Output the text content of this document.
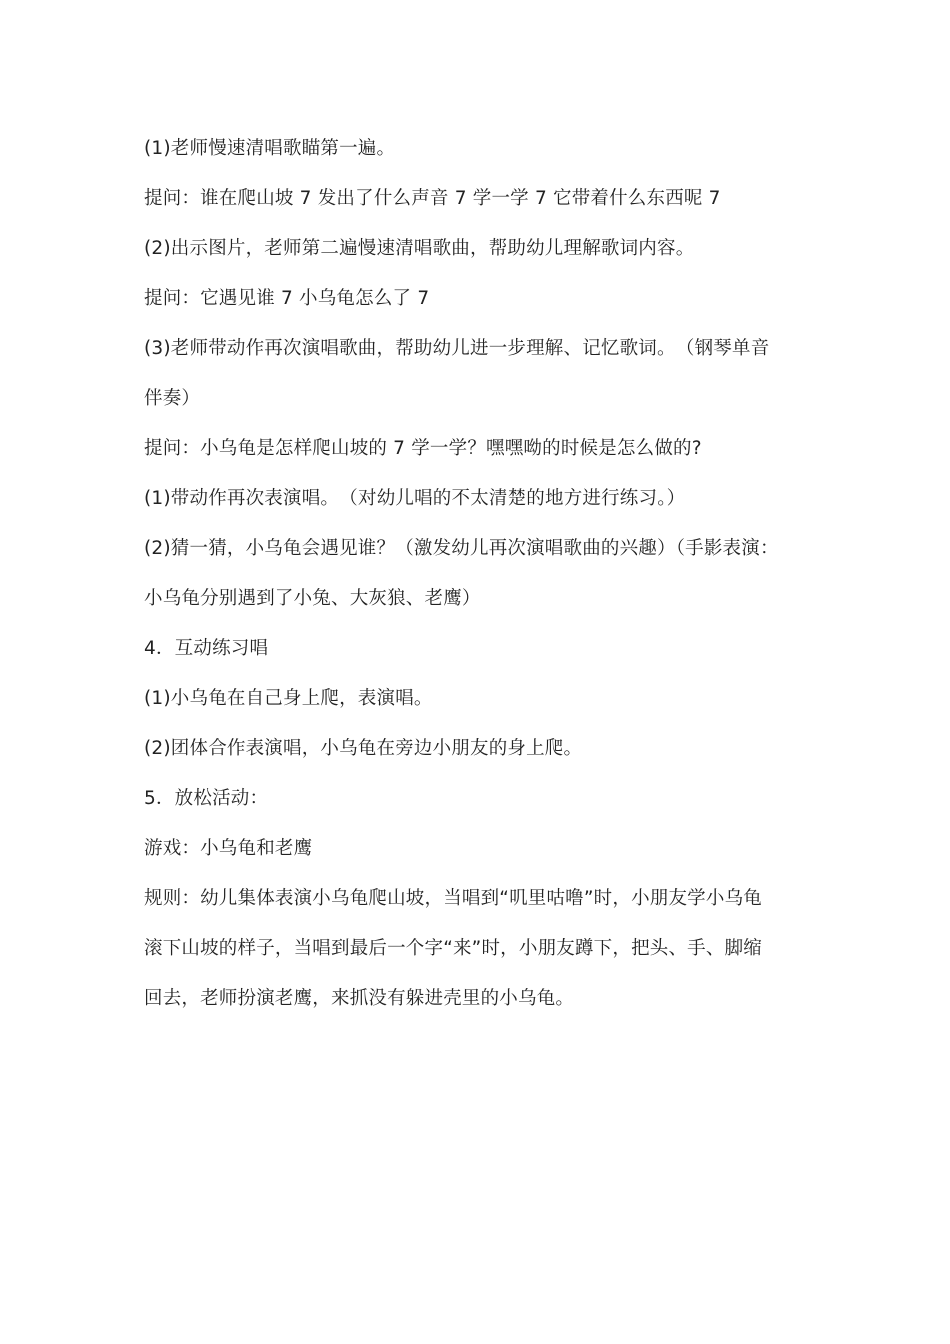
(1)老师慢速清唱歌瞄第一遍。
提问：谁在爬山坡 7 发出了什么声音 7 学一学 7 它带着什么东西呢 7
(2)出示图片，老师第二遍慢速清唱歌曲，帮助幼儿理解歌词内容。
提问：它遇见谁 7 小乌龟怎么了 7
(3)老师带动作再次演唱歌曲，帮助幼儿进一步理解、记忆歌词。　（钢琴单音
伴奏）
提问：小乌龟是怎样爬山坡的 7 学一学？嘿嘿呦的时候是怎么做的?
(1)带动作再次表演唱。　（对幼儿唱的不太清楚的地方进行练习。）
(2)猜一猜，小乌龟会遇见谁？（激发幼儿再次演唱歌曲的兴趣）（手影表演：
小乌龟分别遇到了小兔、大灰狼、老鹰）
4．互动练习唱
(1)小乌龟在自己身上爬，表演唱。
(2)团体合作表演唱，小乌龟在旁边小朋友的身上爬。
5．放松活动：
游戏：小乌龟和老鹰
规则：幼儿集体表演小乌龟爬山坡，当唱到“叽里咕噜”时，小朋友学小乌龟
滚下山坡的样子，当唱到最后一个字“来”时，小朋友蹲下，把头、手、脚缩
回去，老师扮演老鹰，来抓没有躲进壳里的小乌龟。
